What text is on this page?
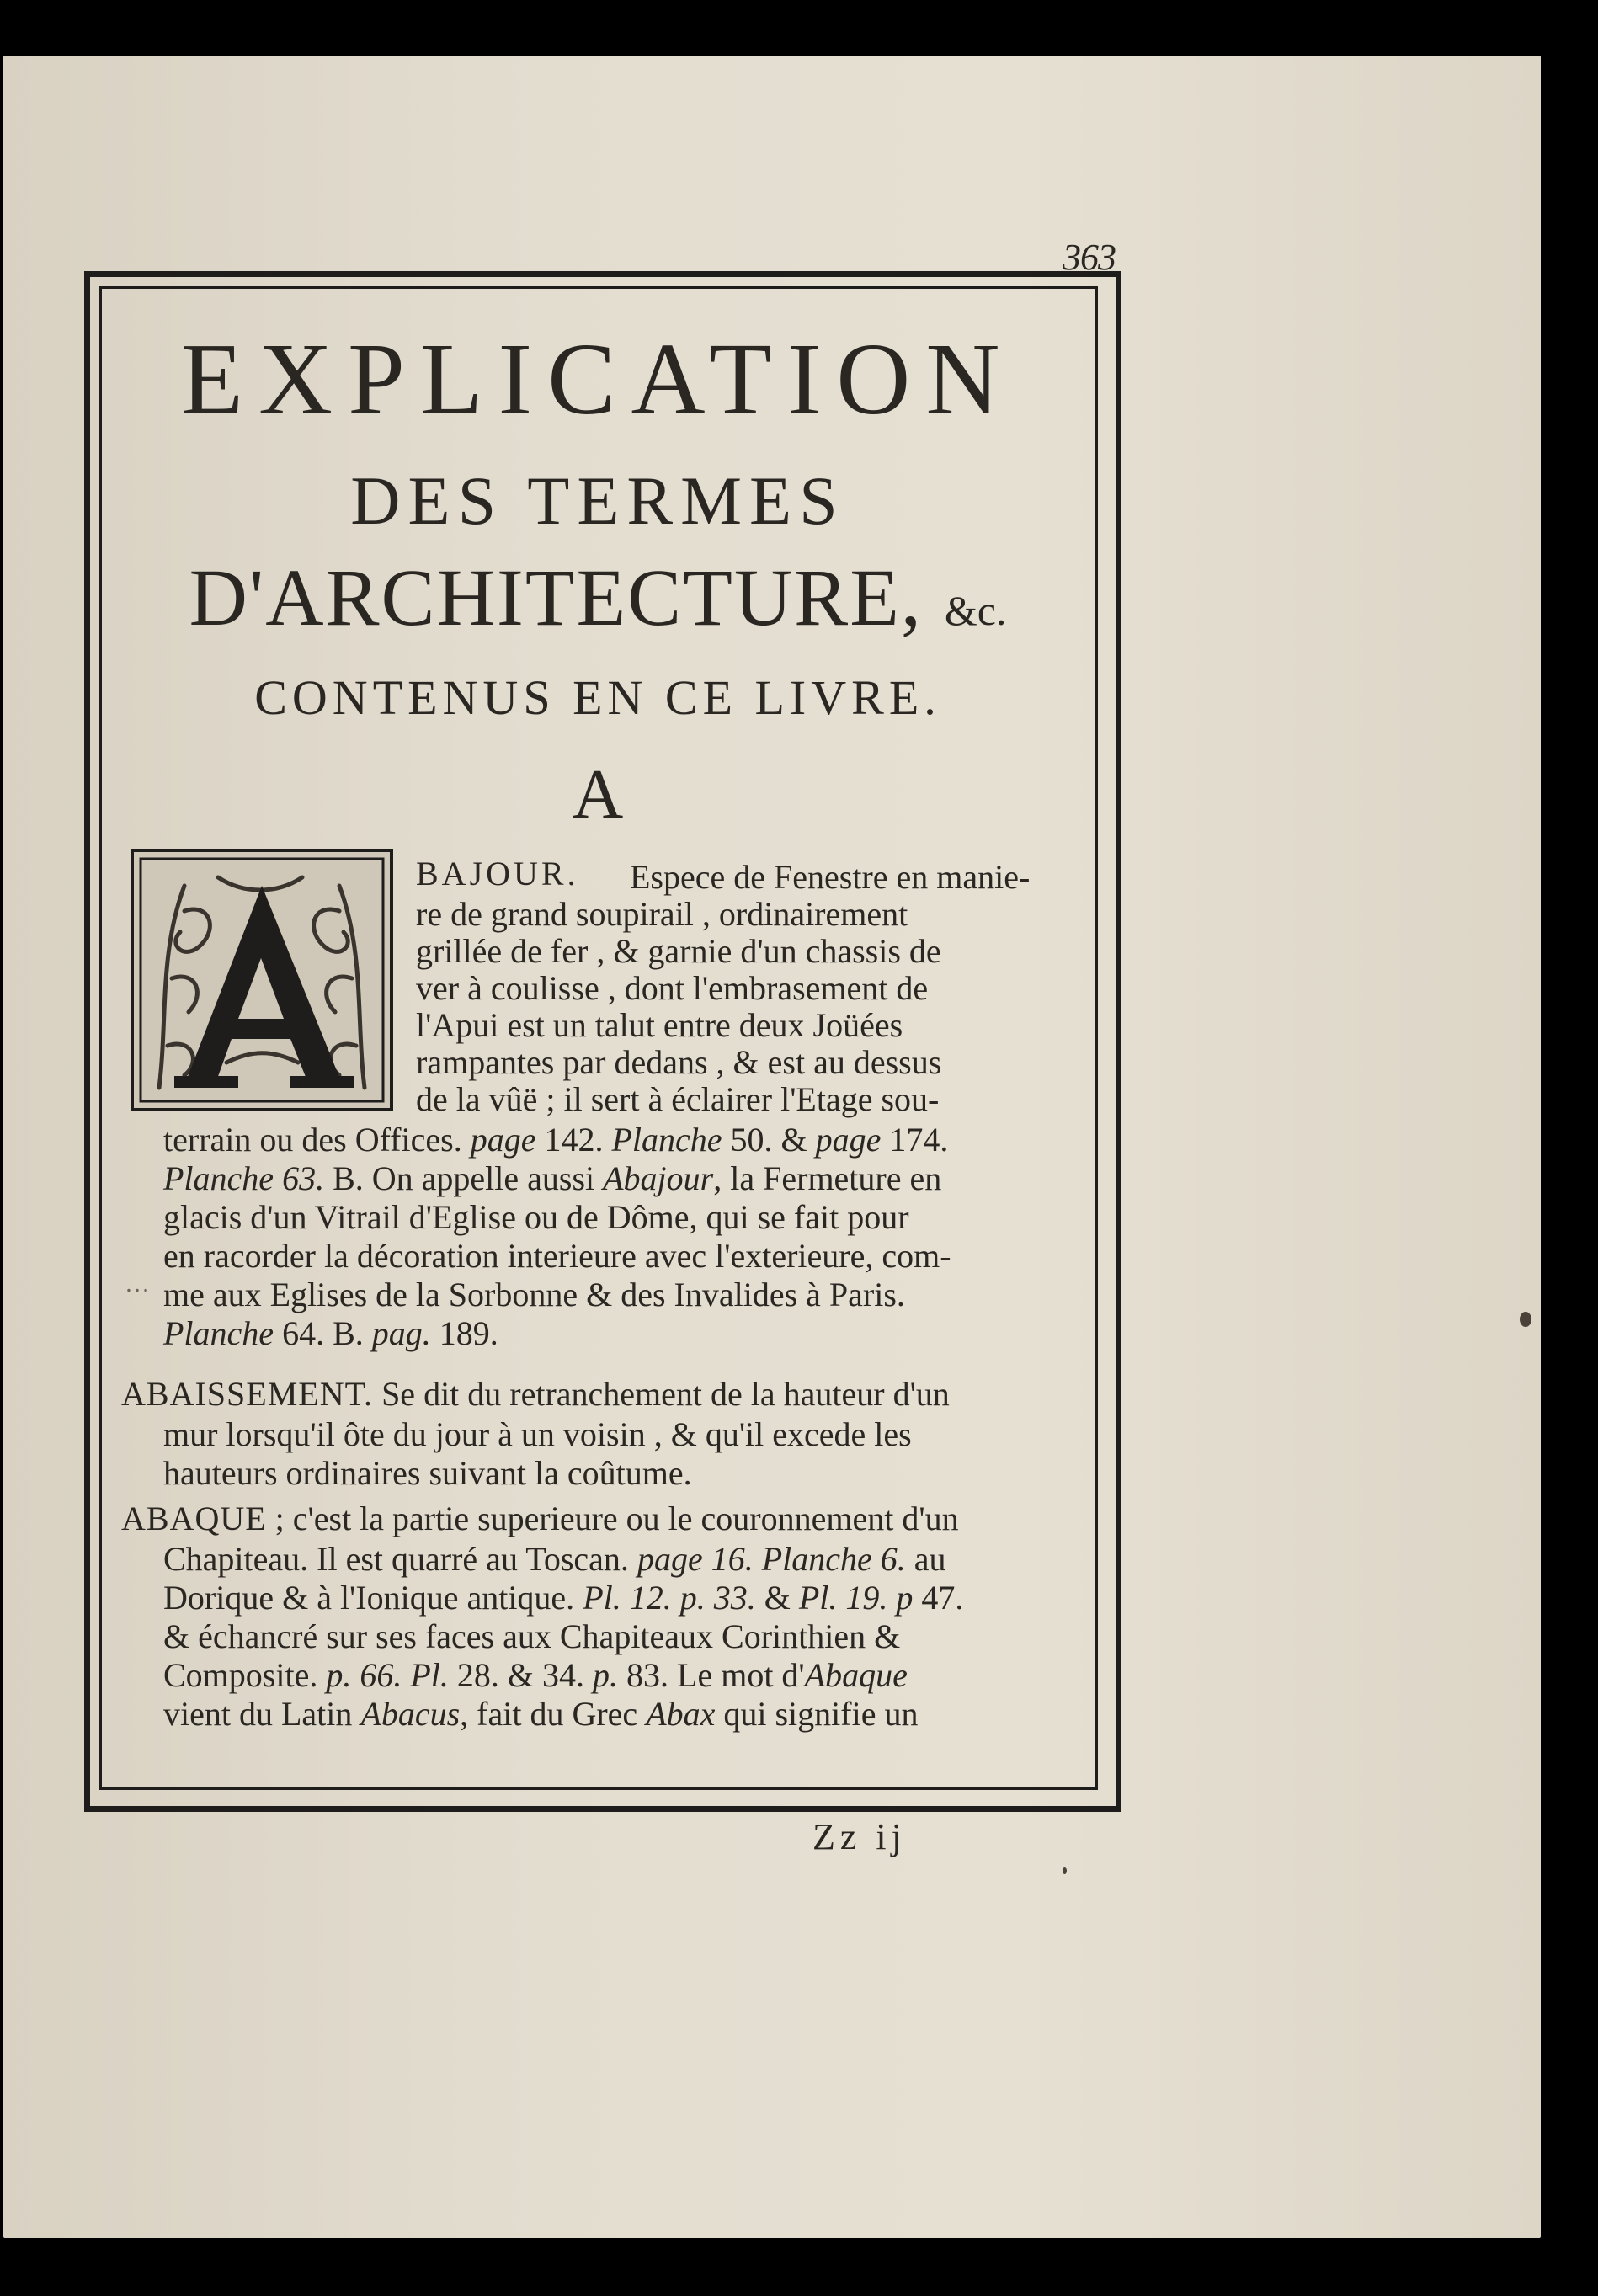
363
EXPLICATION
DES TERMES
D'ARCHITECTURE, &c.
CONTENUS EN CE LIVRE.
A
BAJOUR. Espece de Fenestre en manie-
re de grand soupirail , ordinairement
grillée de fer , & garnie d'un chassis de
ver à coulisse , dont l'embrasement de
l'Apui est un talut entre deux Joüées
rampantes par dedans , & est au dessus
de la vûë ; il sert à éclairer l'Etage sou-
terrain ou des Offices. page 142. Planche 50. & page 174.
Planche 63. B. On appelle aussi Abajour, la Fermeture en
glacis d'un Vitrail d'Eglise ou de Dôme, qui se fait pour
…
en racorder la décoration interieure avec l'exterieure, com-
me aux Eglises de la Sorbonne & des Invalides à Paris.
Planche 64. B. pag. 189.
ABAISSEMENT. Se dit du retranchement de la hauteur d'un
mur lorsqu'il ôte du jour à un voisin , & qu'il excede les
hauteurs ordinaires suivant la coûtume.
ABAQUE ; c'est la partie superieure ou le couronnement d'un
Chapiteau. Il est quarré au Toscan. page 16. Planche 6. au
Dorique & à l'Ionique antique. Pl. 12. p. 33. & Pl. 19. p 47.
& échancré sur ses faces aux Chapiteaux Corinthien &
Composite. p. 66. Pl. 28. & 34. p. 83. Le mot d'Abaque
vient du Latin Abacus, fait du Grec Abax qui signifie un
Zz ij
